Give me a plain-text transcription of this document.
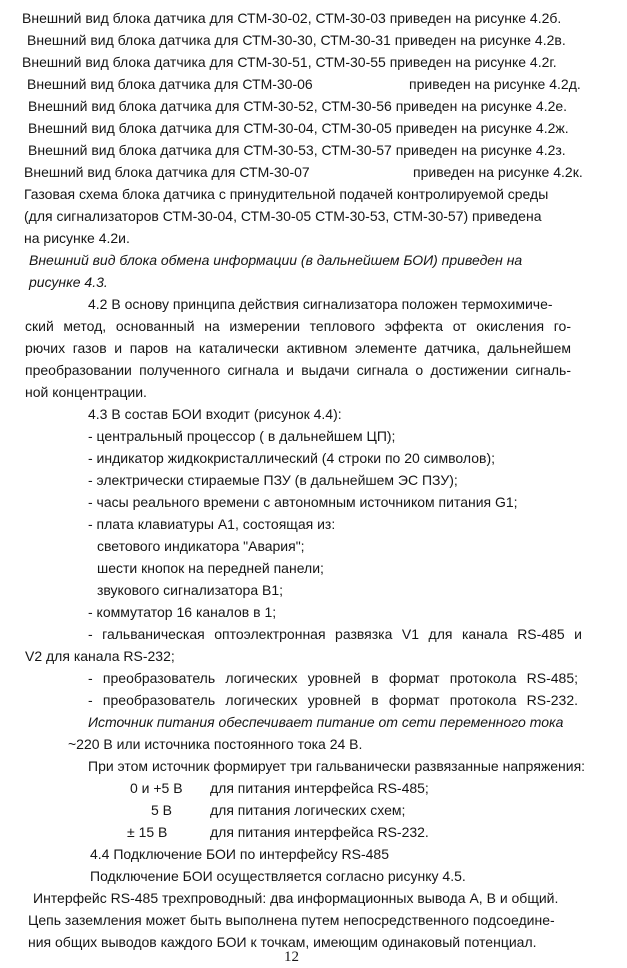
Внешний вид блока датчика для СТМ-30-02, СТМ-30-03 приведен на рисунке 4.2б.
Внешний вид блока датчика для СТМ-30-30, СТМ-30-31 приведен на рисунке 4.2в.
Внешний вид блока датчика для СТМ-30-51, СТМ-30-55 приведен на рисунке 4.2г.
Внешний вид блока датчика для СТМ-30-06	приведен на рисунке 4.2д.
Внешний вид блока датчика для СТМ-30-52, СТМ-30-56 приведен на рисунке 4.2е.
Внешний вид блока датчика для СТМ-30-04, СТМ-30-05 приведен на рисунке 4.2ж.
Внешний вид блока датчика для СТМ-30-53, СТМ-30-57 приведен на рисунке 4.2з.
Внешний вид блока датчика для СТМ-30-07	приведен на рисунке 4.2к.
Газовая схема блока датчика с принудительной подачей контролируемой среды
(для сигнализаторов СТМ-30-04, СТМ-30-05 СТМ-30-53, СТМ-30-57) приведена
на рисунке 4.2и.
Внешний вид блока обмена информации (в дальнейшем БОИ) приведен на
рисунке 4.3.
4.2 В основу принципа действия сигнализатора положен термохимиче-
ский метод, основанный на измерении теплового эффекта от окисления го-
рючих газов и паров на каталически активном элементе датчика, дальнейшем
преобразовании полученного сигнала и выдачи сигнала о достижении сигналь-
ной концентрации.
4.3 В состав БОИ входит (рисунок 4.4):
- центральный процессор ( в дальнейшем ЦП);
- индикатор жидкокристаллический (4 строки по 20 символов);
- электрически стираемые ПЗУ (в дальнейшем ЭС ПЗУ);
- часы реального времени с автономным источником питания G1;
- плата клавиатуры А1, состоящая из:
светового индикатора "Авария";
шести кнопок на передней панели;
звукового сигнализатора В1;
- коммутатор 16 каналов в 1;
- гальваническая оптоэлектронная развязка V1 для канала RS-485 и
V2 для канала RS-232;
- преобразователь логических уровней в формат протокола RS-485;
- преобразователь логических уровней в формат протокола RS-232.
Источник питания обеспечивает питание от сети переменного тока
~220 В или источника постоянного тока 24 В.
При этом источник формирует три гальванически развязанные напряжения:
0 и +5 В для питания интерфейса RS-485;
5 В	для питания логических схем;
± 15 В	для питания интерфейса RS-232.
4.4 Подключение БОИ по интерфейсу RS-485
Подключение БОИ осуществляется согласно рисунку 4.5.
Интерфейс RS-485 трехпроводный: два информационных вывода А, В и общий.
Цепь заземления может быть выполнена путем непосредственного подсоедине-
ния общих выводов каждого БОИ к точкам, имеющим одинаковый потенциал.
12
